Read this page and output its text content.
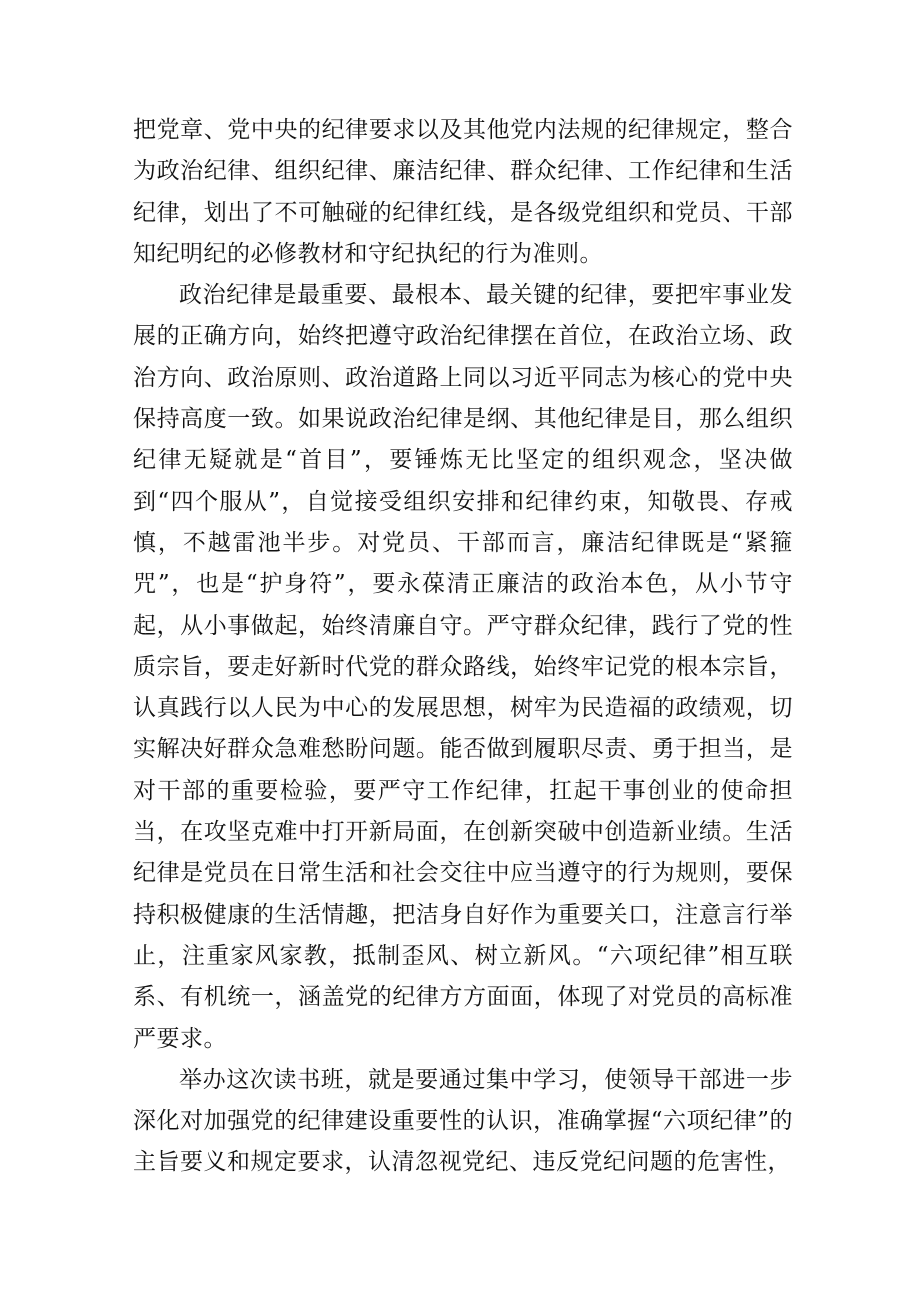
把党章、党中央的纪律要求以及其他党内法规的纪律规定，整合为政治纪律、组织纪律、廉洁纪律、群众纪律、工作纪律和生活纪律，划出了不可触碰的纪律红线，是各级党组织和党员、干部知纪明纪的必修教材和守纪执纪的行为准则。

政治纪律是最重要、最根本、最关键的纪律，要把牢事业发展的正确方向，始终把遵守政治纪律摆在首位，在政治立场、政治方向、政治原则、政治道路上同以习近平同志为核心的党中央保持高度一致。如果说政治纪律是纲、其他纪律是目，那么组织纪律无疑就是“首目”，要锤炼无比坚定的组织观念，坚决做到“四个服从”，自觉接受组织安排和纪律约束，知敬畏、存戒慎，不越雷池半步。对党员、干部而言，廉洁纪律既是“紧箍咒”，也是“护身符”，要永葆清正廉洁的政治本色，从小节守起，从小事做起，始终清廉自守。严守群众纪律，践行了党的性质宗旨，要走好新时代党的群众路线，始终牢记党的根本宗旨，认真践行以人民为中心的发展思想，树牢为民造福的政绩观，切实解决好群众急难愁盼问题。能否做到履职尽责、勇于担当，是对干部的重要检验，要严守工作纪律，扛起干事创业的使命担当，在攻坚克难中打开新局面，在创新突破中创造新业绩。生活纪律是党员在日常生活和社会交往中应当遵守的行为规则，要保持积极健康的生活情趣，把洁身自好作为重要关口，注意言行举止，注重家风家教，抵制歪风、树立新风。“六项纪律”相互联系、有机统一，涵盖党的纪律方方面面，体现了对党员的高标准严要求。

举办这次读书班，就是要通过集中学习，使领导干部进一步深化对加强党的纪律建设重要性的认识，准确掌握“六项纪律”的主旨要义和规定要求，认清忽视党纪、违反党纪问题的危害性，
